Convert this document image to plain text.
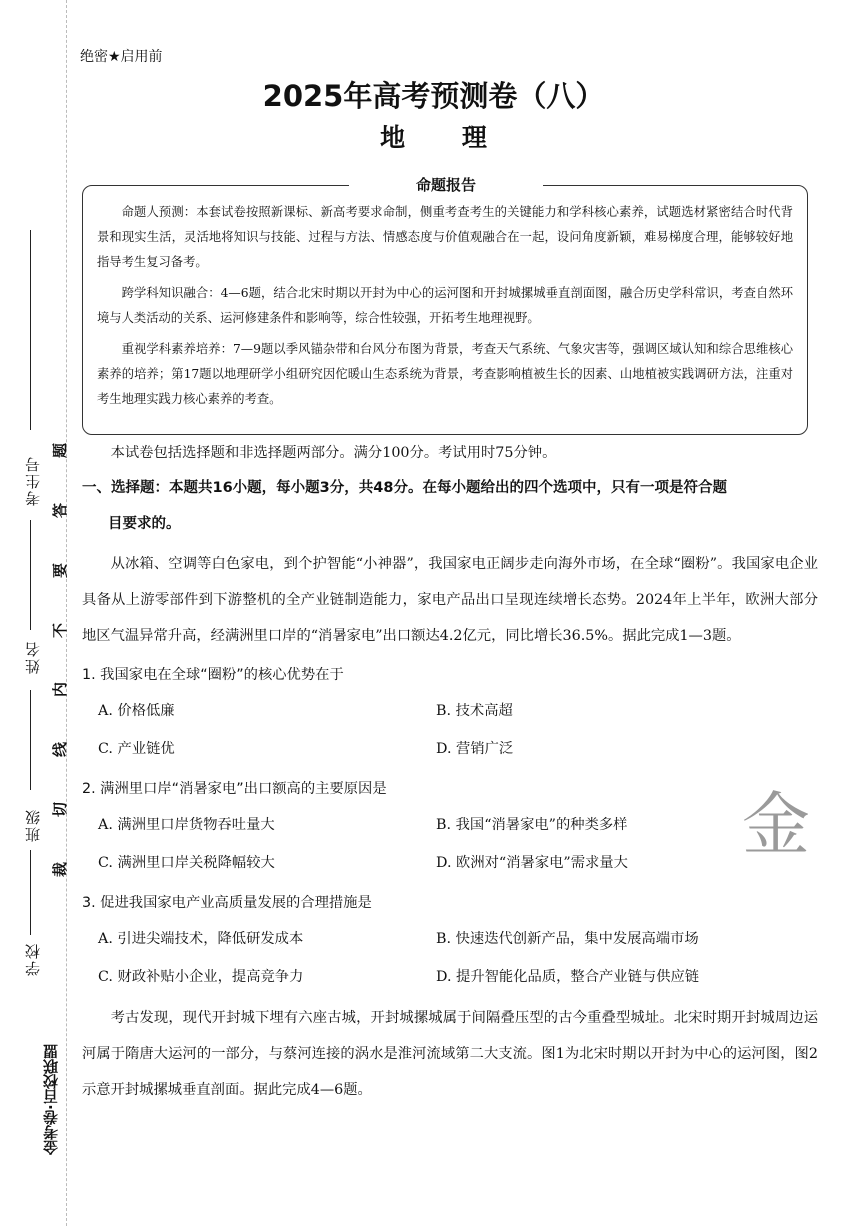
考生号
姓名
班级
学校
题
答
要
不
内
线
切
裁
金考卷·百校联盟
绝密★启用前
2025年高考预测卷（八）
地 理
命题报告

命题人预测：本套试卷按照新课标、新高考要求命制，侧重考查考生的关键能力和学科核心素养，试题选材紧密结合时代背景和现实生活，灵活地将知识与技能、过程与方法、情感态度与价值观融合在一起，设问角度新颖，难易梯度合理，能够较好地指导考生复习备考。

跨学科知识融合：4—6题，结合北宋时期以开封为中心的运河图和开封城摞城垂直剖面图，融合历史学科常识，考查自然环境与人类活动的关系、运河修建条件和影响等，综合性较强，开拓考生地理视野。

重视学科素养培养：7—9题以季风锚杂带和台风分布图为背景，考查天气系统、气象灾害等，强调区域认知和综合思维核心素养的培养；第17题以地理研学小组研究因佗暖山生态系统为背景，考查影响植被生长的因素、山地植被实践调研方法，注重对考生地理实践力核心素养的考查。

本试卷包括选择题和非选择题两部分。满分100分。考试用时75分钟。

一、选择题：本题共16小题，每小题3分，共48分。在每小题给出的四个选项中，只有一项是符合题
目要求的。

从冰箱、空调等白色家电，到个护智能“小神器”，我国家电正阔步走向海外市场，在全球“圈粉”。我国家电企业具备从上游零部件到下游整机的全产业链制造能力，家电产品出口呈现连续增长态势。2024年上半年，欧洲大部分地区气温异常升高，经满洲里口岸的“消暑家电”出口额达4.2亿元，同比增长36.5%。据此完成1—3题。

1. 我国家电在全球“圈粉”的核心优势在于

A. 价格低廉	B. 技术高超
C. 产业链优	D. 营销广泛

2. 满洲里口岸“消暑家电”出口额高的主要原因是

A. 满洲里口岸货物吞吐量大	B. 我国“消暑家电”的种类多样
C. 满洲里口岸关税降幅较大	D. 欧洲对“消暑家电”需求量大

3. 促进我国家电产业高质量发展的合理措施是

A. 引进尖端技术，降低研发成本	B. 快速迭代创新产品，集中发展高端市场
C. 财政补贴小企业，提高竞争力	D. 提升智能化品质，整合产业链与供应链

考古发现，现代开封城下埋有六座古城，开封城摞城属于间隔叠压型的古今重叠型城址。北宋时期开封城周边运河属于隋唐大运河的一部分，与蔡河连接的涡水是淮河流域第二大支流。图1为北宋时期以开封为中心的运河图，图2示意开封城摞城垂直剖面。据此完成4—6题。

金
